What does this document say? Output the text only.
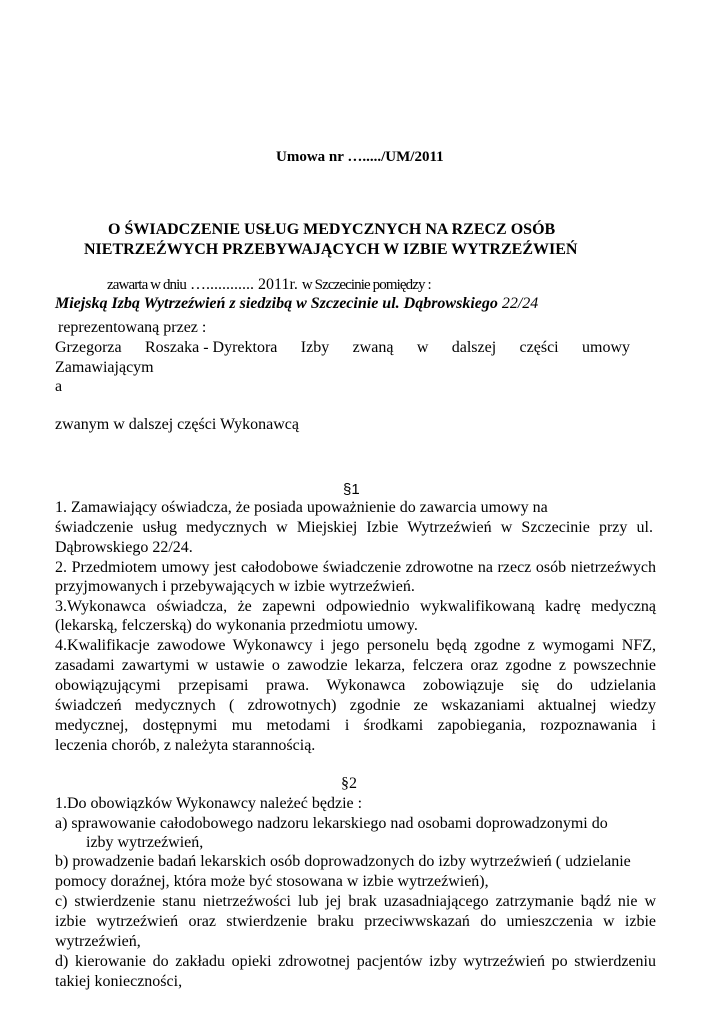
Umowa nr …...../UM/2011
O ŚWIADCZENIE USŁUG MEDYCZNYCH NA RZECZ OSÓB
NIETRZEŹWYCH PRZEBYWAJĄCYCH W IZBIE WYTRZEŹWIEŃ
zawarta w dniu …............ 2011r. w Szczecinie pomiędzy :
Miejską Izbą Wytrzeźwień z siedzibą w Szczecinie ul. Dąbrowskiego 22/24
reprezentowaną przez :
Grzegorza Roszaka - Dyrektora Izby zwaną w dalszej części umowy
Zamawiającym
a
zwanym w dalszej części Wykonawcą
§1
1. Zamawiający oświadcza, że posiada upoważnienie do zawarcia umowy na
świadczenie usług medycznych w Miejskiej Izbie Wytrzeźwień w Szczecinie przy ul.
Dąbrowskiego 22/24.
2. Przedmiotem umowy jest całodobowe świadczenie zdrowotne na rzecz osób nietrzeźwych
przyjmowanych i przebywających w izbie wytrzeźwień.
3.Wykonawca oświadcza, że zapewni odpowiednio wykwalifikowaną kadrę medyczną
(lekarską, felczerską) do wykonania przedmiotu umowy.
4.Kwalifikacje zawodowe Wykonawcy i jego personelu będą zgodne z wymogami NFZ,
zasadami zawartymi w ustawie o zawodzie lekarza, felczera oraz zgodne z powszechnie
obowiązującymi przepisami prawa. Wykonawca zobowiązuje się do udzielania
świadczeń medycznych ( zdrowotnych) zgodnie ze wskazaniami aktualnej wiedzy
medycznej, dostępnymi mu metodami i środkami zapobiegania, rozpoznawania i
leczenia chorób, z należyta starannością.
§2
1.Do obowiązków Wykonawcy należeć będzie :
a) sprawowanie całodobowego nadzoru lekarskiego nad osobami doprowadzonymi do
izby wytrzeźwień,
b) prowadzenie badań lekarskich osób doprowadzonych do izby wytrzeźwień ( udzielanie
pomocy doraźnej, która może być stosowana w izbie wytrzeźwień),
c) stwierdzenie stanu nietrzeźwości lub jej brak uzasadniającego zatrzymanie bądź nie w
izbie wytrzeźwień oraz stwierdzenie braku przeciwwskazań do umieszczenia w izbie
wytrzeźwień,
d) kierowanie do zakładu opieki zdrowotnej pacjentów izby wytrzeźwień po stwierdzeniu
takiej konieczności,
